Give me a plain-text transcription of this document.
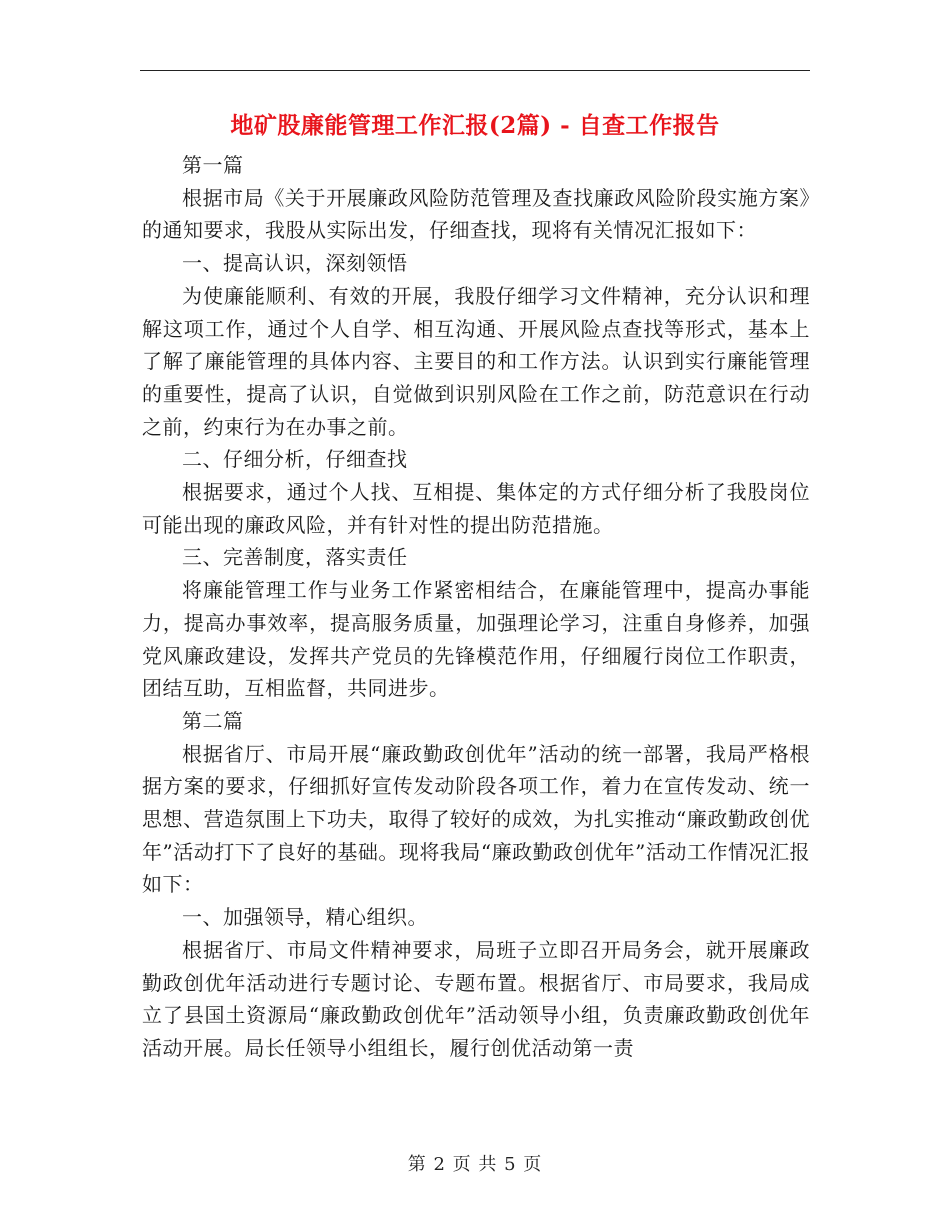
地矿股廉能管理工作汇报(2篇) - 自查工作报告

第一篇

根据市局《关于开展廉政风险防范管理及查找廉政风险阶段实施方案》的通知要求，我股从实际出发，仔细查找，现将有关情况汇报如下：

一、提高认识，深刻领悟

为使廉能顺利、有效的开展，我股仔细学习文件精神，充分认识和理解这项工作，通过个人自学、相互沟通、开展风险点查找等形式，基本上了解了廉能管理的具体内容、主要目的和工作方法。认识到实行廉能管理的重要性，提高了认识，自觉做到识别风险在工作之前，防范意识在行动之前，约束行为在办事之前。

二、仔细分析，仔细查找

根据要求，通过个人找、互相提、集体定的方式仔细分析了我股岗位可能出现的廉政风险，并有针对性的提出防范措施。

三、完善制度，落实责任

将廉能管理工作与业务工作紧密相结合，在廉能管理中，提高办事能力，提高办事效率，提高服务质量，加强理论学习，注重自身修养，加强党风廉政建设，发挥共产党员的先锋模范作用，仔细履行岗位工作职责，团结互助，互相监督，共同进步。

第二篇

根据省厅、市局开展“廉政勤政创优年”活动的统一部署，我局严格根据方案的要求，仔细抓好宣传发动阶段各项工作，着力在宣传发动、统一思想、营造氛围上下功夫，取得了较好的成效，为扎实推动“廉政勤政创优年”活动打下了良好的基础。现将我局“廉政勤政创优年”活动工作情况汇报如下：

一、加强领导，精心组织。

根据省厅、市局文件精神要求，局班子立即召开局务会，就开展廉政勤政创优年活动进行专题讨论、专题布置。根据省厅、市局要求，我局成立了县国土资源局“廉政勤政创优年”活动领导小组，负责廉政勤政创优年活动开展。局长任领导小组组长，履行创优活动第一责

第 2 页 共 5 页
